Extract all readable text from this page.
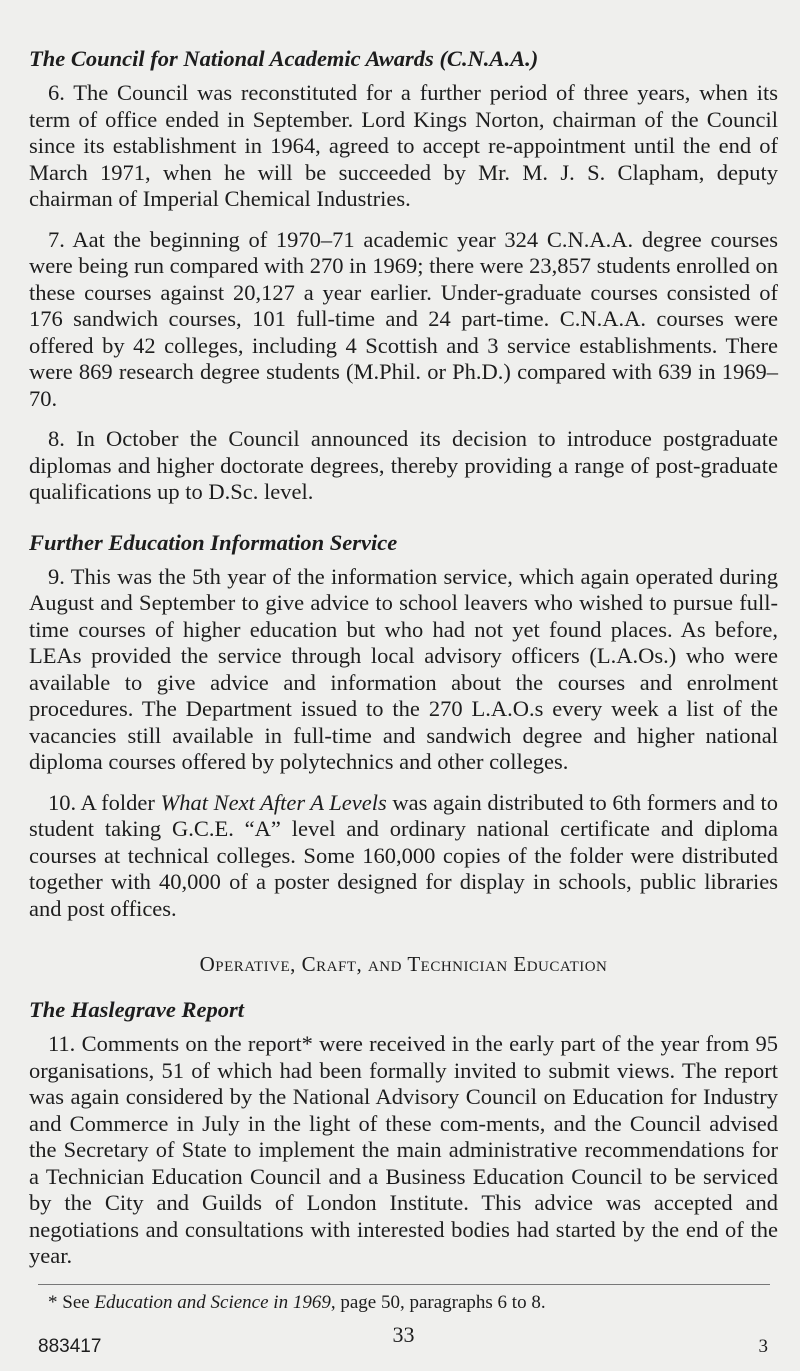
The Council for National Academic Awards (C.N.A.A.)

6. The Council was reconstituted for a further period of three years, when its term of office ended in September. Lord Kings Norton, chairman of the Council since its establishment in 1964, agreed to accept re-appointment until the end of March 1971, when he will be succeeded by Mr. M. J. S. Clapham, deputy chairman of Imperial Chemical Industries.

7. Aat the beginning of 1970–71 academic year 324 C.N.A.A. degree courses were being run compared with 270 in 1969; there were 23,857 students enrolled on these courses against 20,127 a year earlier. Under-graduate courses consisted of 176 sandwich courses, 101 full-time and 24 part-time. C.N.A.A. courses were offered by 42 colleges, including 4 Scottish and 3 service establishments. There were 869 research degree students (M.Phil. or Ph.D.) compared with 639 in 1969–70.

8. In October the Council announced its decision to introduce postgraduate diplomas and higher doctorate degrees, thereby providing a range of post-graduate qualifications up to D.Sc. level.

Further Education Information Service

9. This was the 5th year of the information service, which again operated during August and September to give advice to school leavers who wished to pursue full-time courses of higher education but who had not yet found places. As before, LEAs provided the service through local advisory officers (L.A.Os.) who were available to give advice and information about the courses and enrolment procedures. The Department issued to the 270 L.A.O.s every week a list of the vacancies still available in full-time and sandwich degree and higher national diploma courses offered by polytechnics and other colleges.

10. A folder What Next After A Levels was again distributed to 6th formers and to student taking G.C.E. “A” level and ordinary national certificate and diploma courses at technical colleges. Some 160,000 copies of the folder were distributed together with 40,000 of a poster designed for display in schools, public libraries and post offices.

Operative, Craft, and Technician Education
The Haslegrave Report

11. Comments on the report* were received in the early part of the year from 95 organisations, 51 of which had been formally invited to submit views. The report was again considered by the National Advisory Council on Education for Industry and Commerce in July in the light of these com-ments, and the Council advised the Secretary of State to implement the main administrative recommendations for a Technician Education Council and a Business Education Council to be serviced by the City and Guilds of London Institute. This advice was accepted and negotiations and consultations with interested bodies had started by the end of the year.

* See Education and Science in 1969, page 50, paragraphs 6 to 8.

33
883417	3
